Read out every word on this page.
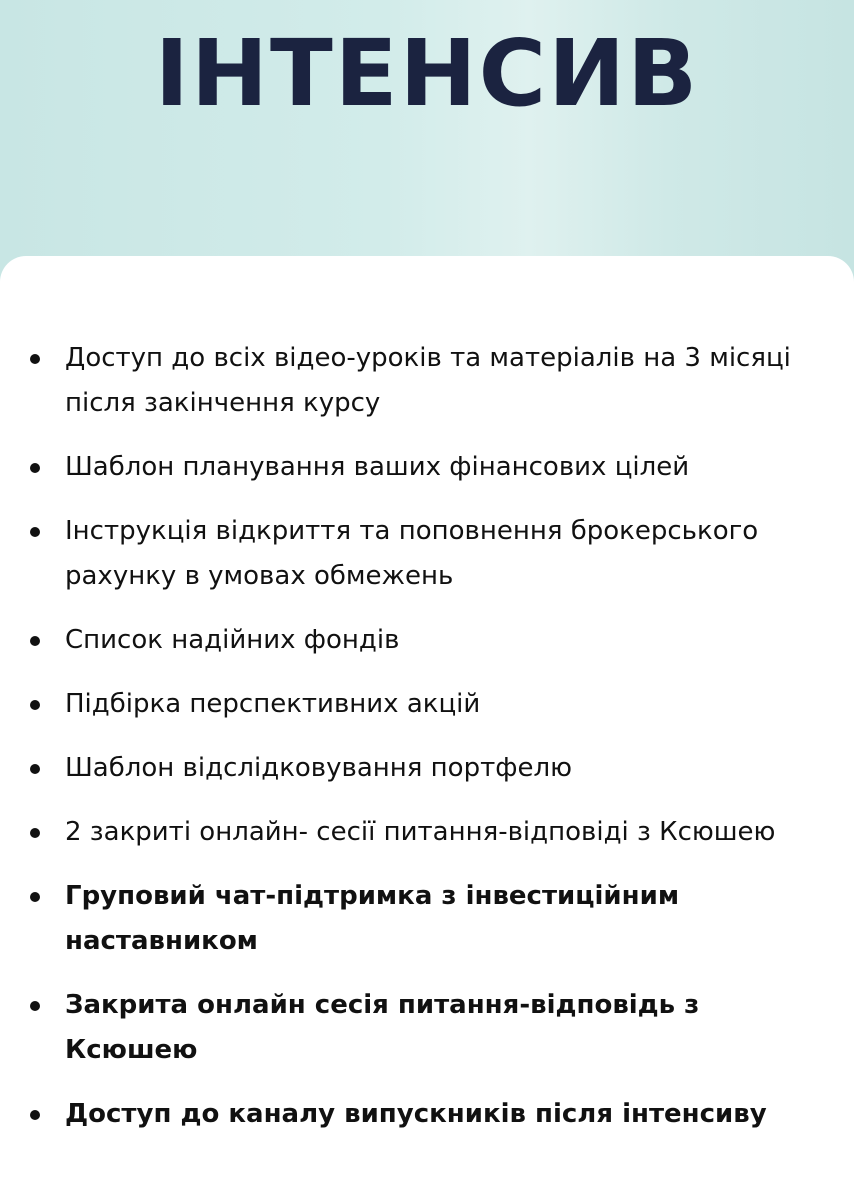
ІНТЕНСИВ
Доступ до всіх відео-уроків та матеріалів на 3 місяці після закінчення курсу
Шаблон планування ваших фінансових цілей
Інструкція відкриття та поповнення брокерського рахунку в умовах обмежень
Список надійних фондів
Підбірка перспективних акцій
Шаблон відслідковування портфелю
2 закриті онлайн- сесії питання-відповіді з Ксюшею
Груповий чат-підтримка з інвестиційним наставником
Закрита онлайн сесія питання-відповідь з Ксюшею
Доступ до каналу випускників після інтенсиву
